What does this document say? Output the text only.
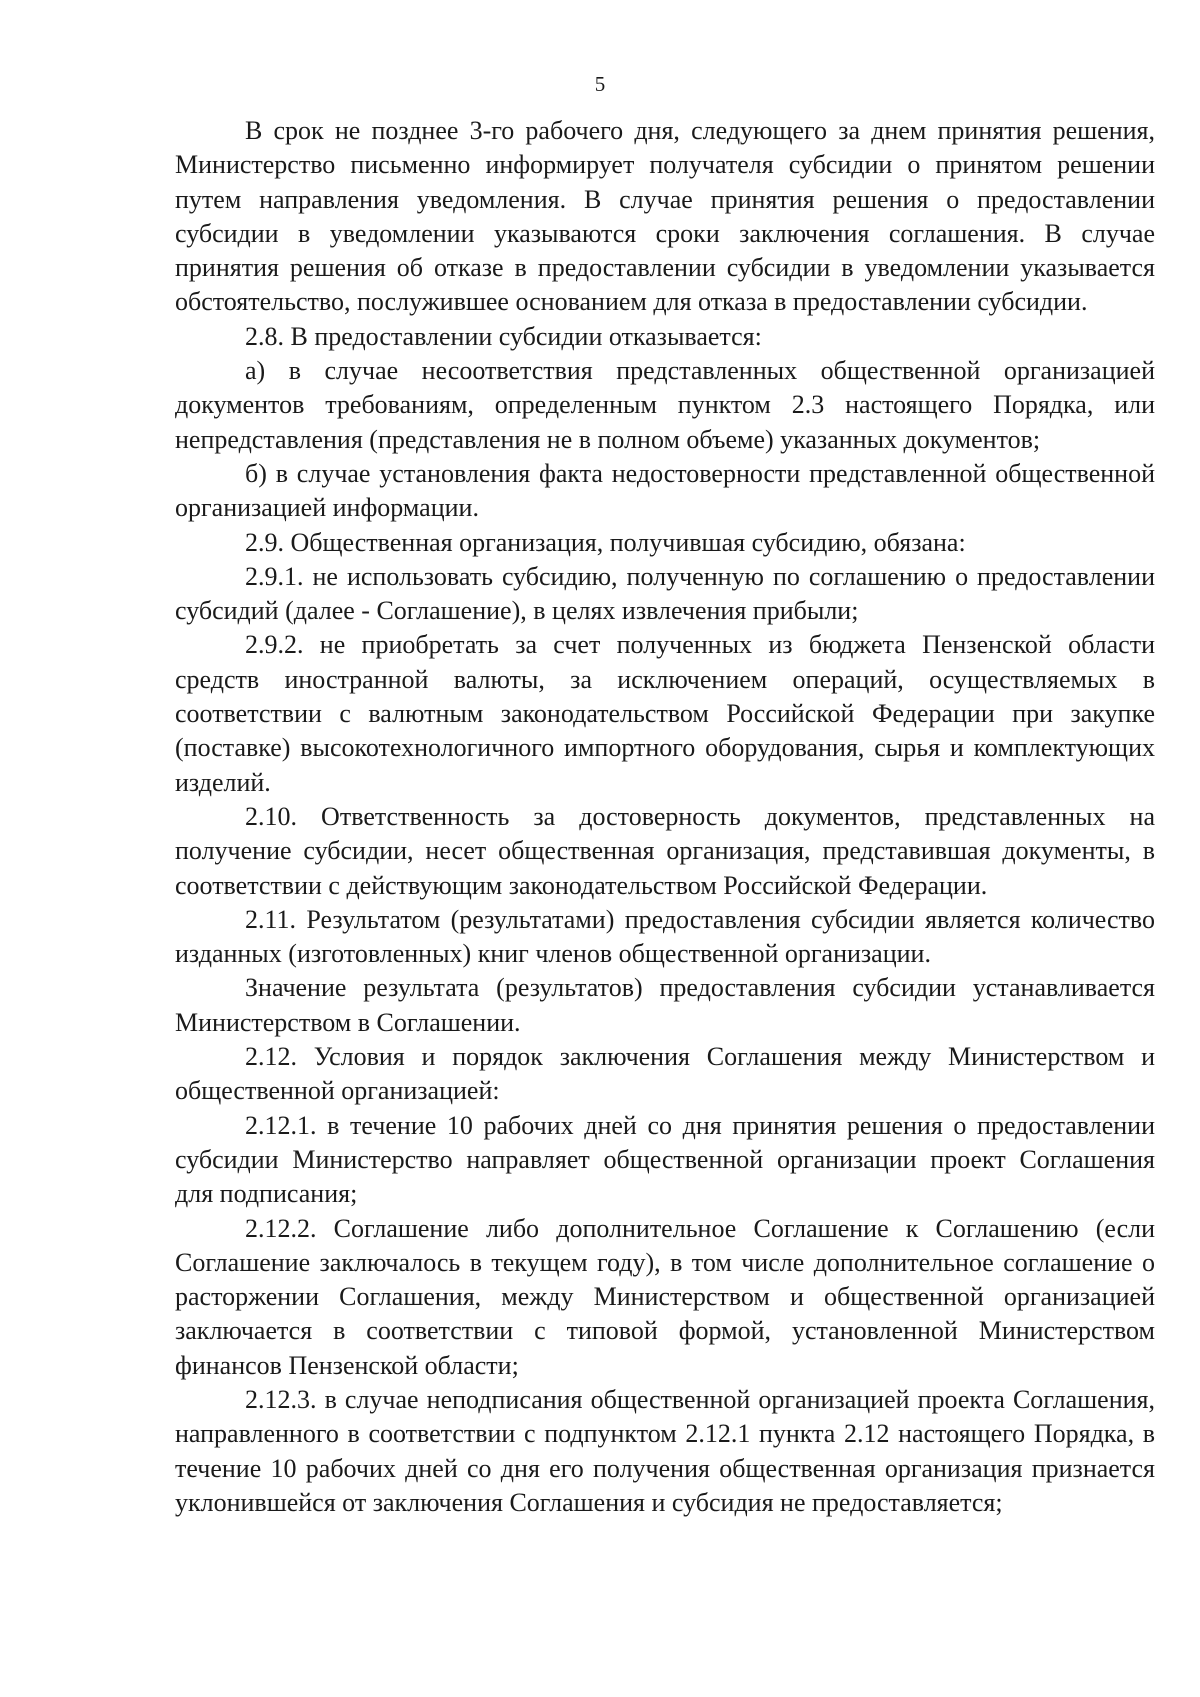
5

В срок не позднее 3-го рабочего дня, следующего за днем принятия решения, Министерство письменно информирует получателя субсидии о принятом решении путем направления уведомления. В случае принятия решения о предоставлении субсидии в уведомлении указываются сроки заключения соглашения. В случае принятия решения об отказе в предоставлении субсидии в уведомлении указывается обстоятельство, послужившее основанием для отказа в предоставлении субсидии.

2.8. В предоставлении субсидии отказывается:

а) в случае несоответствия представленных общественной организацией документов требованиям, определенным пунктом 2.3 настоящего Порядка, или непредставления (представления не в полном объеме) указанных документов;

б) в случае установления факта недостоверности представленной общественной организацией информации.

2.9. Общественная организация, получившая субсидию, обязана:

2.9.1. не использовать субсидию, полученную по соглашению о предоставлении субсидий (далее - Соглашение), в целях извлечения прибыли;

2.9.2. не приобретать за счет полученных из бюджета Пензенской области средств иностранной валюты, за исключением операций, осуществляемых в соответствии с валютным законодательством Российской Федерации при закупке (поставке) высокотехнологичного импортного оборудования, сырья и комплектующих изделий.

2.10. Ответственность за достоверность документов, представленных на получение субсидии, несет общественная организация, представившая документы, в соответствии с действующим законодательством Российской Федерации.

2.11. Результатом (результатами) предоставления субсидии является количество изданных (изготовленных) книг членов общественной организации.

Значение результата (результатов) предоставления субсидии устанавливается Министерством в Соглашении.

2.12. Условия и порядок заключения Соглашения между Министерством и общественной организацией:

2.12.1. в течение 10 рабочих дней со дня принятия решения о предоставлении субсидии Министерство направляет общественной организации проект Соглашения для подписания;

2.12.2. Соглашение либо дополнительное Соглашение к Соглашению (если Соглашение заключалось в текущем году), в том числе дополнительное соглашение о расторжении Соглашения, между Министерством и общественной организацией заключается в соответствии с типовой формой, установленной Министерством финансов Пензенской области;

2.12.3. в случае неподписания общественной организацией проекта Соглашения, направленного в соответствии с подпунктом 2.12.1 пункта 2.12 настоящего Порядка, в течение 10 рабочих дней со дня его получения общественная организация признается уклонившейся от заключения Соглашения и субсидия не предоставляется;
